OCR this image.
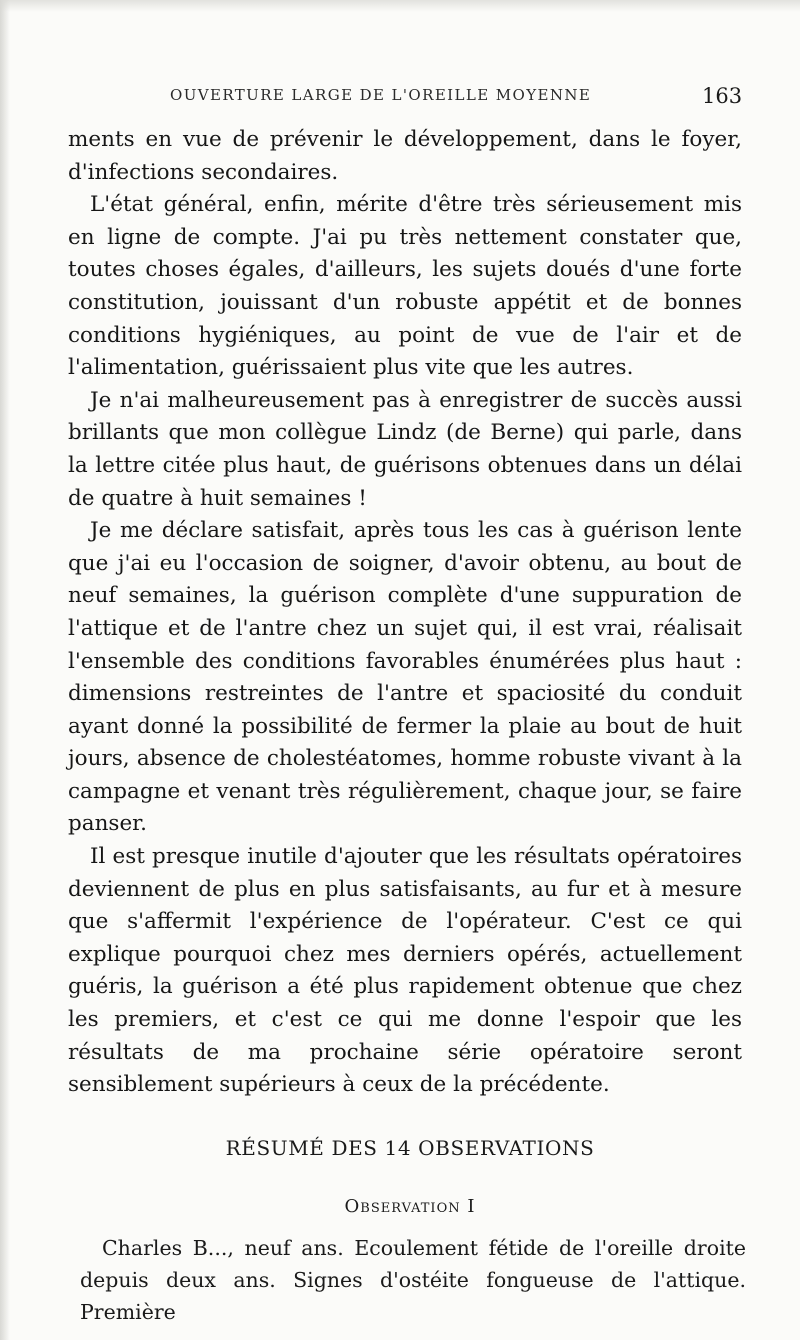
OUVERTURE LARGE DE L'OREILLE MOYENNE	163

ments en vue de prévenir le développement, dans le foyer, d'infections secondaires.

L'état général, enfin, mérite d'être très sérieusement mis en ligne de compte. J'ai pu très nettement constater que, toutes choses égales, d'ailleurs, les sujets doués d'une forte constitution, jouissant d'un robuste appétit et de bonnes conditions hygiéniques, au point de vue de l'air et de l'alimentation, guérissaient plus vite que les autres.

Je n'ai malheureusement pas à enregistrer de succès aussi brillants que mon collègue Lindz (de Berne) qui parle, dans la lettre citée plus haut, de guérisons obtenues dans un délai de quatre à huit semaines !

Je me déclare satisfait, après tous les cas à guérison lente que j'ai eu l'occasion de soigner, d'avoir obtenu, au bout de neuf semaines, la guérison complète d'une suppuration de l'attique et de l'antre chez un sujet qui, il est vrai, réalisait l'ensemble des conditions favorables énumérées plus haut : dimensions restreintes de l'antre et spaciosité du conduit ayant donné la possibilité de fermer la plaie au bout de huit jours, absence de cholestéatomes, homme robuste vivant à la campagne et venant très régulièrement, chaque jour, se faire panser.

Il est presque inutile d'ajouter que les résultats opératoires deviennent de plus en plus satisfaisants, au fur et à mesure que s'affermit l'expérience de l'opérateur. C'est ce qui explique pourquoi chez mes derniers opérés, actuellement guéris, la guérison a été plus rapidement obtenue que chez les premiers, et c'est ce qui me donne l'espoir que les résultats de ma prochaine série opératoire seront sensiblement supérieurs à ceux de la précédente.

RÉSUMÉ DES 14 OBSERVATIONS
Observation I

Charles B..., neuf ans. Ecoulement fétide de l'oreille droite depuis deux ans. Signes d'ostéite fongueuse de l'attique. Première
